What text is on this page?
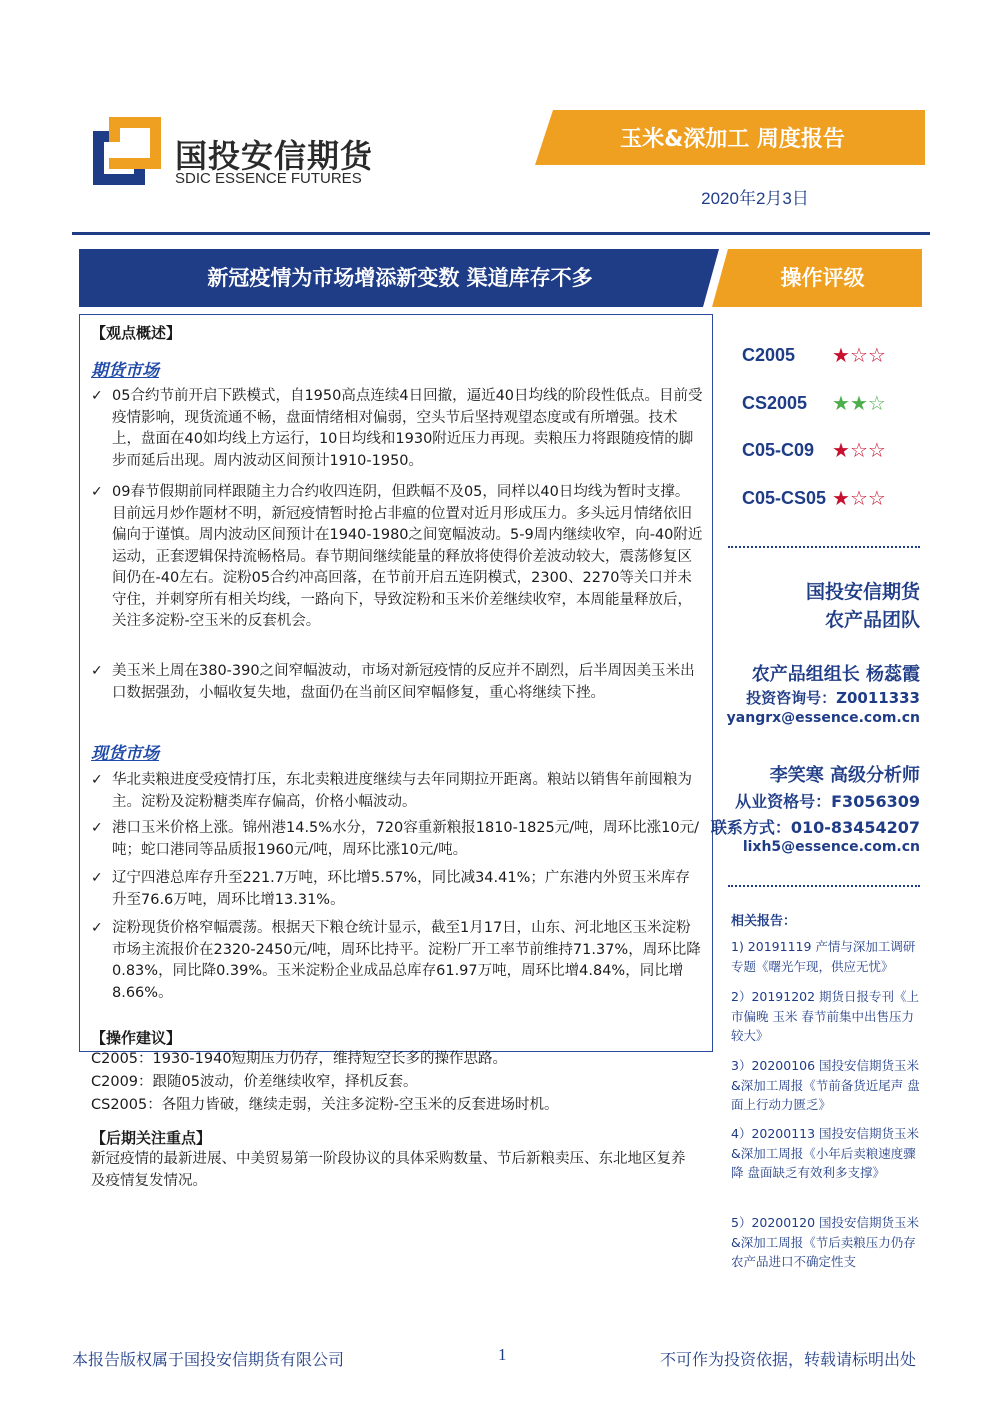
国投安信期货
SDIC ESSENCE FUTURES
玉米&深加工 周度报告
2020年2月3日
新冠疫情为市场增添新变数 渠道库存不多	操作评级
【观点概述】
期货市场
✓ 05合约节前开启下跌模式，自1950高点连续4日回撤，逼近40日均线的阶段性低点。目前受疫情影响，现货流通不畅，盘面情绪相对偏弱，空头节后坚持观望态度或有所增强。技术上，盘面在40如均线上方运行，10日均线和1930附近压力再现。卖粮压力将跟随疫情的脚步而延后出现。周内波动区间预计1910-1950。
✓ 09春节假期前同样跟随主力合约收四连阴，但跌幅不及05，同样以40日均线为暂时支撑。目前远月炒作题材不明，新冠疫情暂时抢占非瘟的位置对近月形成压力。多头远月情绪依旧偏向于谨慎。周内波动区间预计在1940-1980之间宽幅波动。5-9周内继续收窄，向-40附近运动，正套逻辑保持流畅格局。春节期间继续能量的释放将使得价差波动较大，震荡修复区间仍在-40左右。淀粉05合约冲高回落，在节前开启五连阴模式，2300、2270等关口并未守住，并刺穿所有相关均线，一路向下，导致淀粉和玉米价差继续收窄，本周能量释放后，关注多淀粉-空玉米的反套机会。
✓ 美玉米上周在380-390之间窄幅波动，市场对新冠疫情的反应并不剧烈，后半周因美玉米出口数据强劲，小幅收复失地，盘面仍在当前区间窄幅修复，重心将继续下挫。
现货市场
✓ 华北卖粮进度受疫情打压，东北卖粮进度继续与去年同期拉开距离。粮站以销售年前囤粮为主。淀粉及淀粉糖类库存偏高，价格小幅波动。
✓ 港口玉米价格上涨。锦州港14.5%水分，720容重新粮报1810-1825元/吨，周环比涨10元/吨；蛇口港同等品质报1960元/吨，周环比涨10元/吨。
✓ 辽宁四港总库存升至221.7万吨，环比增5.57%，同比减34.41%；广东港内外贸玉米库存升至76.6万吨，周环比增13.31%。
✓ 淀粉现货价格窄幅震荡。根据天下粮仓统计显示，截至1月17日，山东、河北地区玉米淀粉市场主流报价在2320-2450元/吨，周环比持平。淀粉厂开工率节前维持71.37%，周环比降0.83%，同比降0.39%。玉米淀粉企业成品总库存61.97万吨，周环比增4.84%，同比增8.66%。
【操作建议】
C2005：1930-1940短期压力仍存，维持短空长多的操作思路。
C2009：跟随05波动，价差继续收窄，择机反套。
CS2005：各阻力皆破，继续走弱，关注多淀粉-空玉米的反套进场时机。
【后期关注重点】
新冠疫情的最新进展、中美贸易第一阶段协议的具体采购数量、节后新粮卖压、东北地区复养及疫情复发情况。
C2005 ★☆☆
CS2005 ★★☆
C05-C09 ★☆☆
C05-CS05 ★☆☆
国投安信期货
农产品团队
农产品组组长 杨蕊霞
投资咨询号：Z0011333
yangrx@essence.com.cn
李笑寒 高级分析师
从业资格号：F3056309
联系方式：010-83454207
lixh5@essence.com.cn
相关报告：
1) 20191119 产情与深加工调研专题《曙光乍现，供应无忧》
2）20191202 期货日报专刊《上市偏晚 玉米 春节前集中出售压力较大》
3）20200106 国投安信期货玉米&深加工周报《节前备货近尾声 盘面上行动力匮乏》
4）20200113 国投安信期货玉米&深加工周报《小年后卖粮速度骤降 盘面缺乏有效利多支撑》
5）20200120 国投安信期货玉米&深加工周报《节后卖粮压力仍存 农产品进口不确定性支
本报告版权属于国投安信期货有限公司	1	不可作为投资依据，转载请标明出处
